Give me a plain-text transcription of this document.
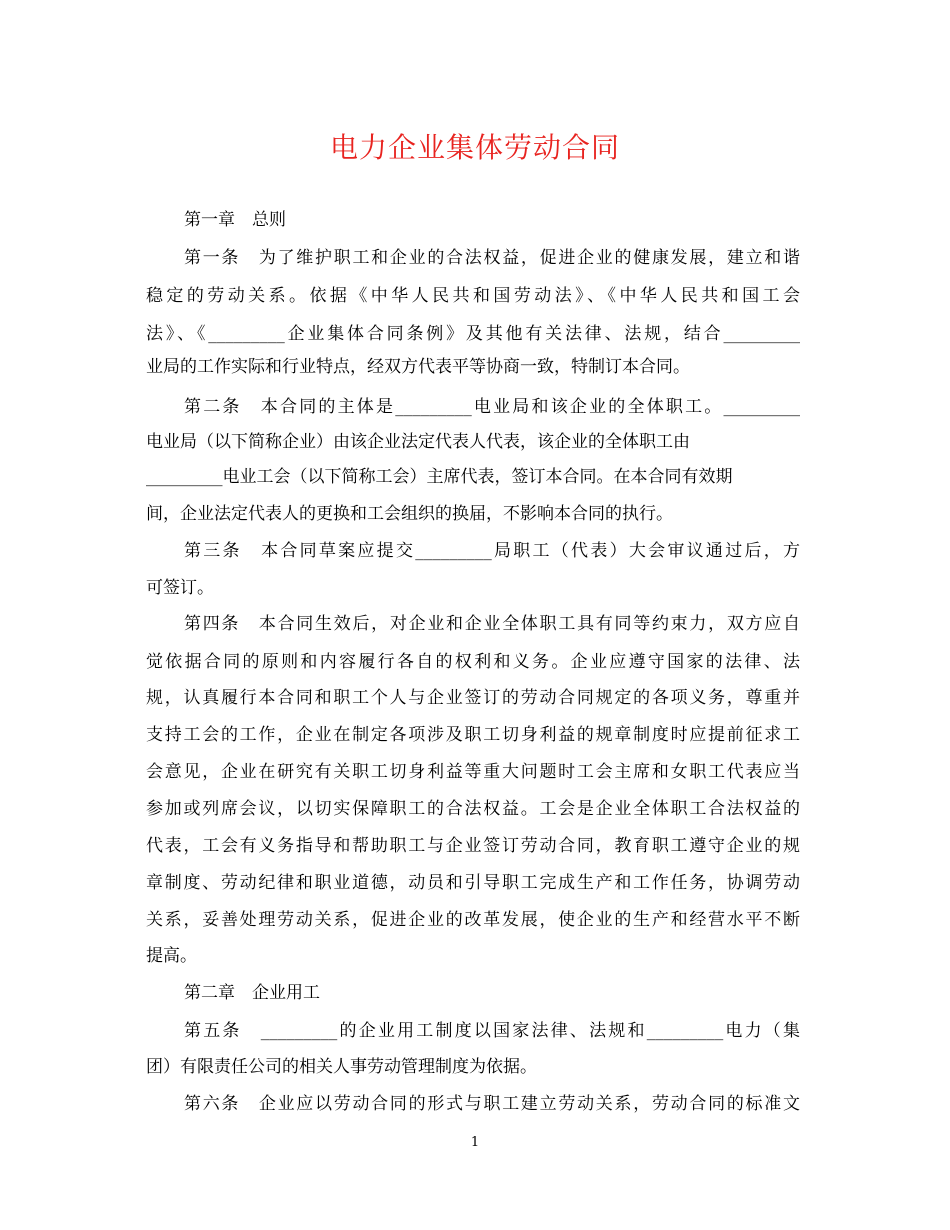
电力企业集体劳动合同
第一章　总则
第一条　为了维护职工和企业的合法权益，促进企业的健康发展，建立和谐
稳定的劳动关系。依据《中华人民共和国劳动法》、《中华人民共和国工会
法》、《_________企业集体合同条例》及其他有关法律、法规，结合_________
业局的工作实际和行业特点，经双方代表平等协商一致，特制订本合同。
第二条　本合同的主体是_________电业局和该企业的全体职工。_________
电业局（以下简称企业）由该企业法定代表人代表，该企业的全体职工由
_________电业工会（以下简称工会）主席代表，签订本合同。在本合同有效期
间，企业法定代表人的更换和工会组织的换届，不影响本合同的执行。
第三条　本合同草案应提交_________局职工（代表）大会审议通过后，方
可签订。
第四条　本合同生效后，对企业和企业全体职工具有同等约束力，双方应自
觉依据合同的原则和内容履行各自的权利和义务。企业应遵守国家的法律、法
规，认真履行本合同和职工个人与企业签订的劳动合同规定的各项义务，尊重并
支持工会的工作，企业在制定各项涉及职工切身利益的规章制度时应提前征求工
会意见，企业在研究有关职工切身利益等重大问题时工会主席和女职工代表应当
参加或列席会议，以切实保障职工的合法权益。工会是企业全体职工合法权益的
代表，工会有义务指导和帮助职工与企业签订劳动合同，教育职工遵守企业的规
章制度、劳动纪律和职业道德，动员和引导职工完成生产和工作任务，协调劳动
关系，妥善处理劳动关系，促进企业的改革发展，使企业的生产和经营水平不断
提高。
第二章　企业用工
第五条　_________的企业用工制度以国家法律、法规和_________电力（集
团）有限责任公司的相关人事劳动管理制度为依据。
第六条　企业应以劳动合同的形式与职工建立劳动关系，劳动合同的标准文
1
